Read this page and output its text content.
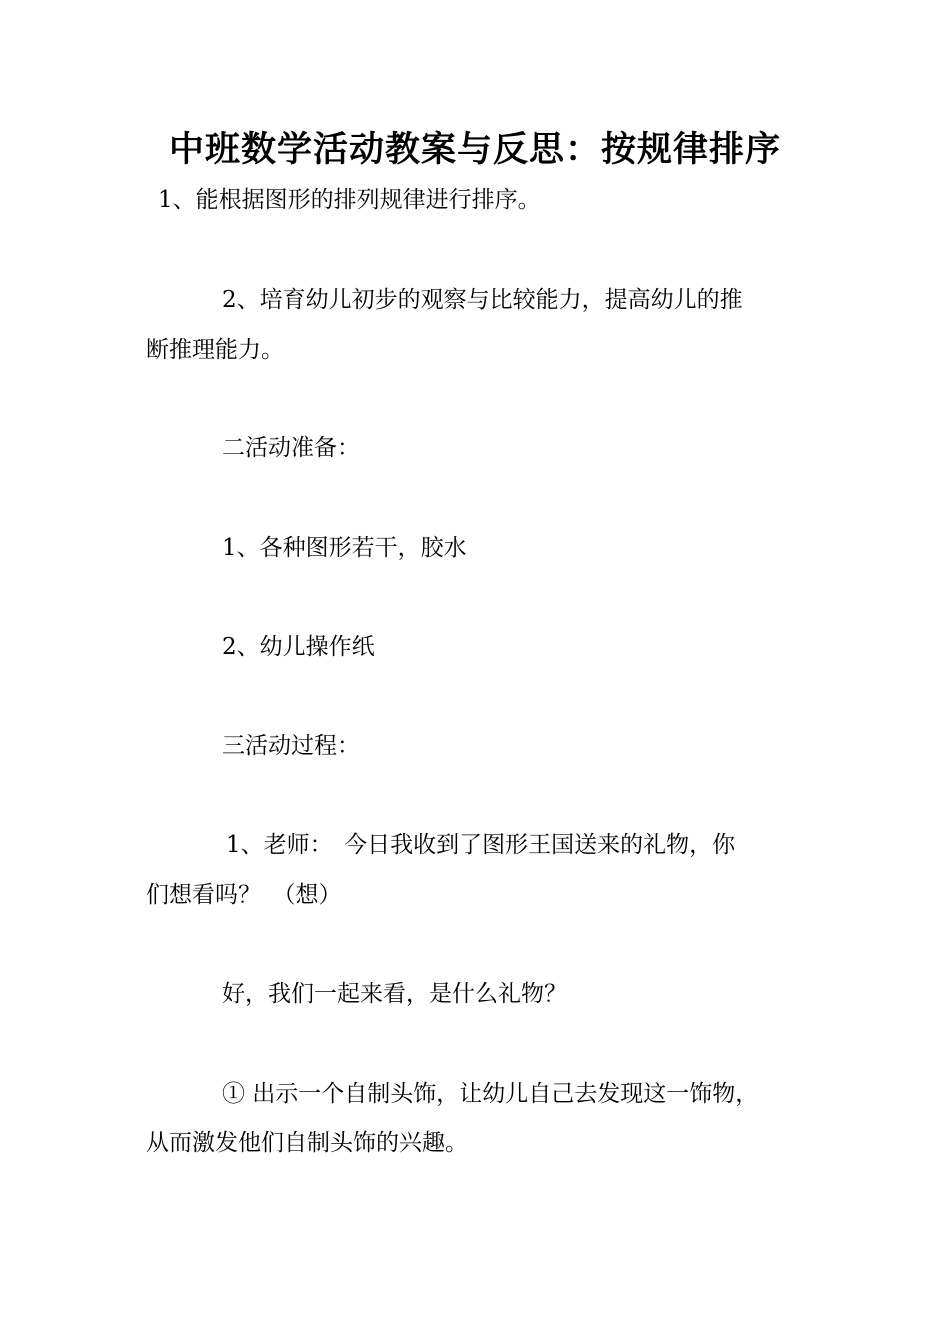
中班数学活动教案与反思：按规律排序
1、能根据图形的排列规律进行排序。
2、培育幼儿初步的观察与比较能力，提高幼儿的推
断推理能力。
二活动准备：
1、各种图形若干，胶水
2、幼儿操作纸
三活动过程：
1、老师：　今日我收到了图形王国送来的礼物，你
们想看吗？　（想）
好，我们一起来看，是什么礼物？
① 出示一个自制头饰，让幼儿自己去发现这一饰物，
从而激发他们自制头饰的兴趣。
